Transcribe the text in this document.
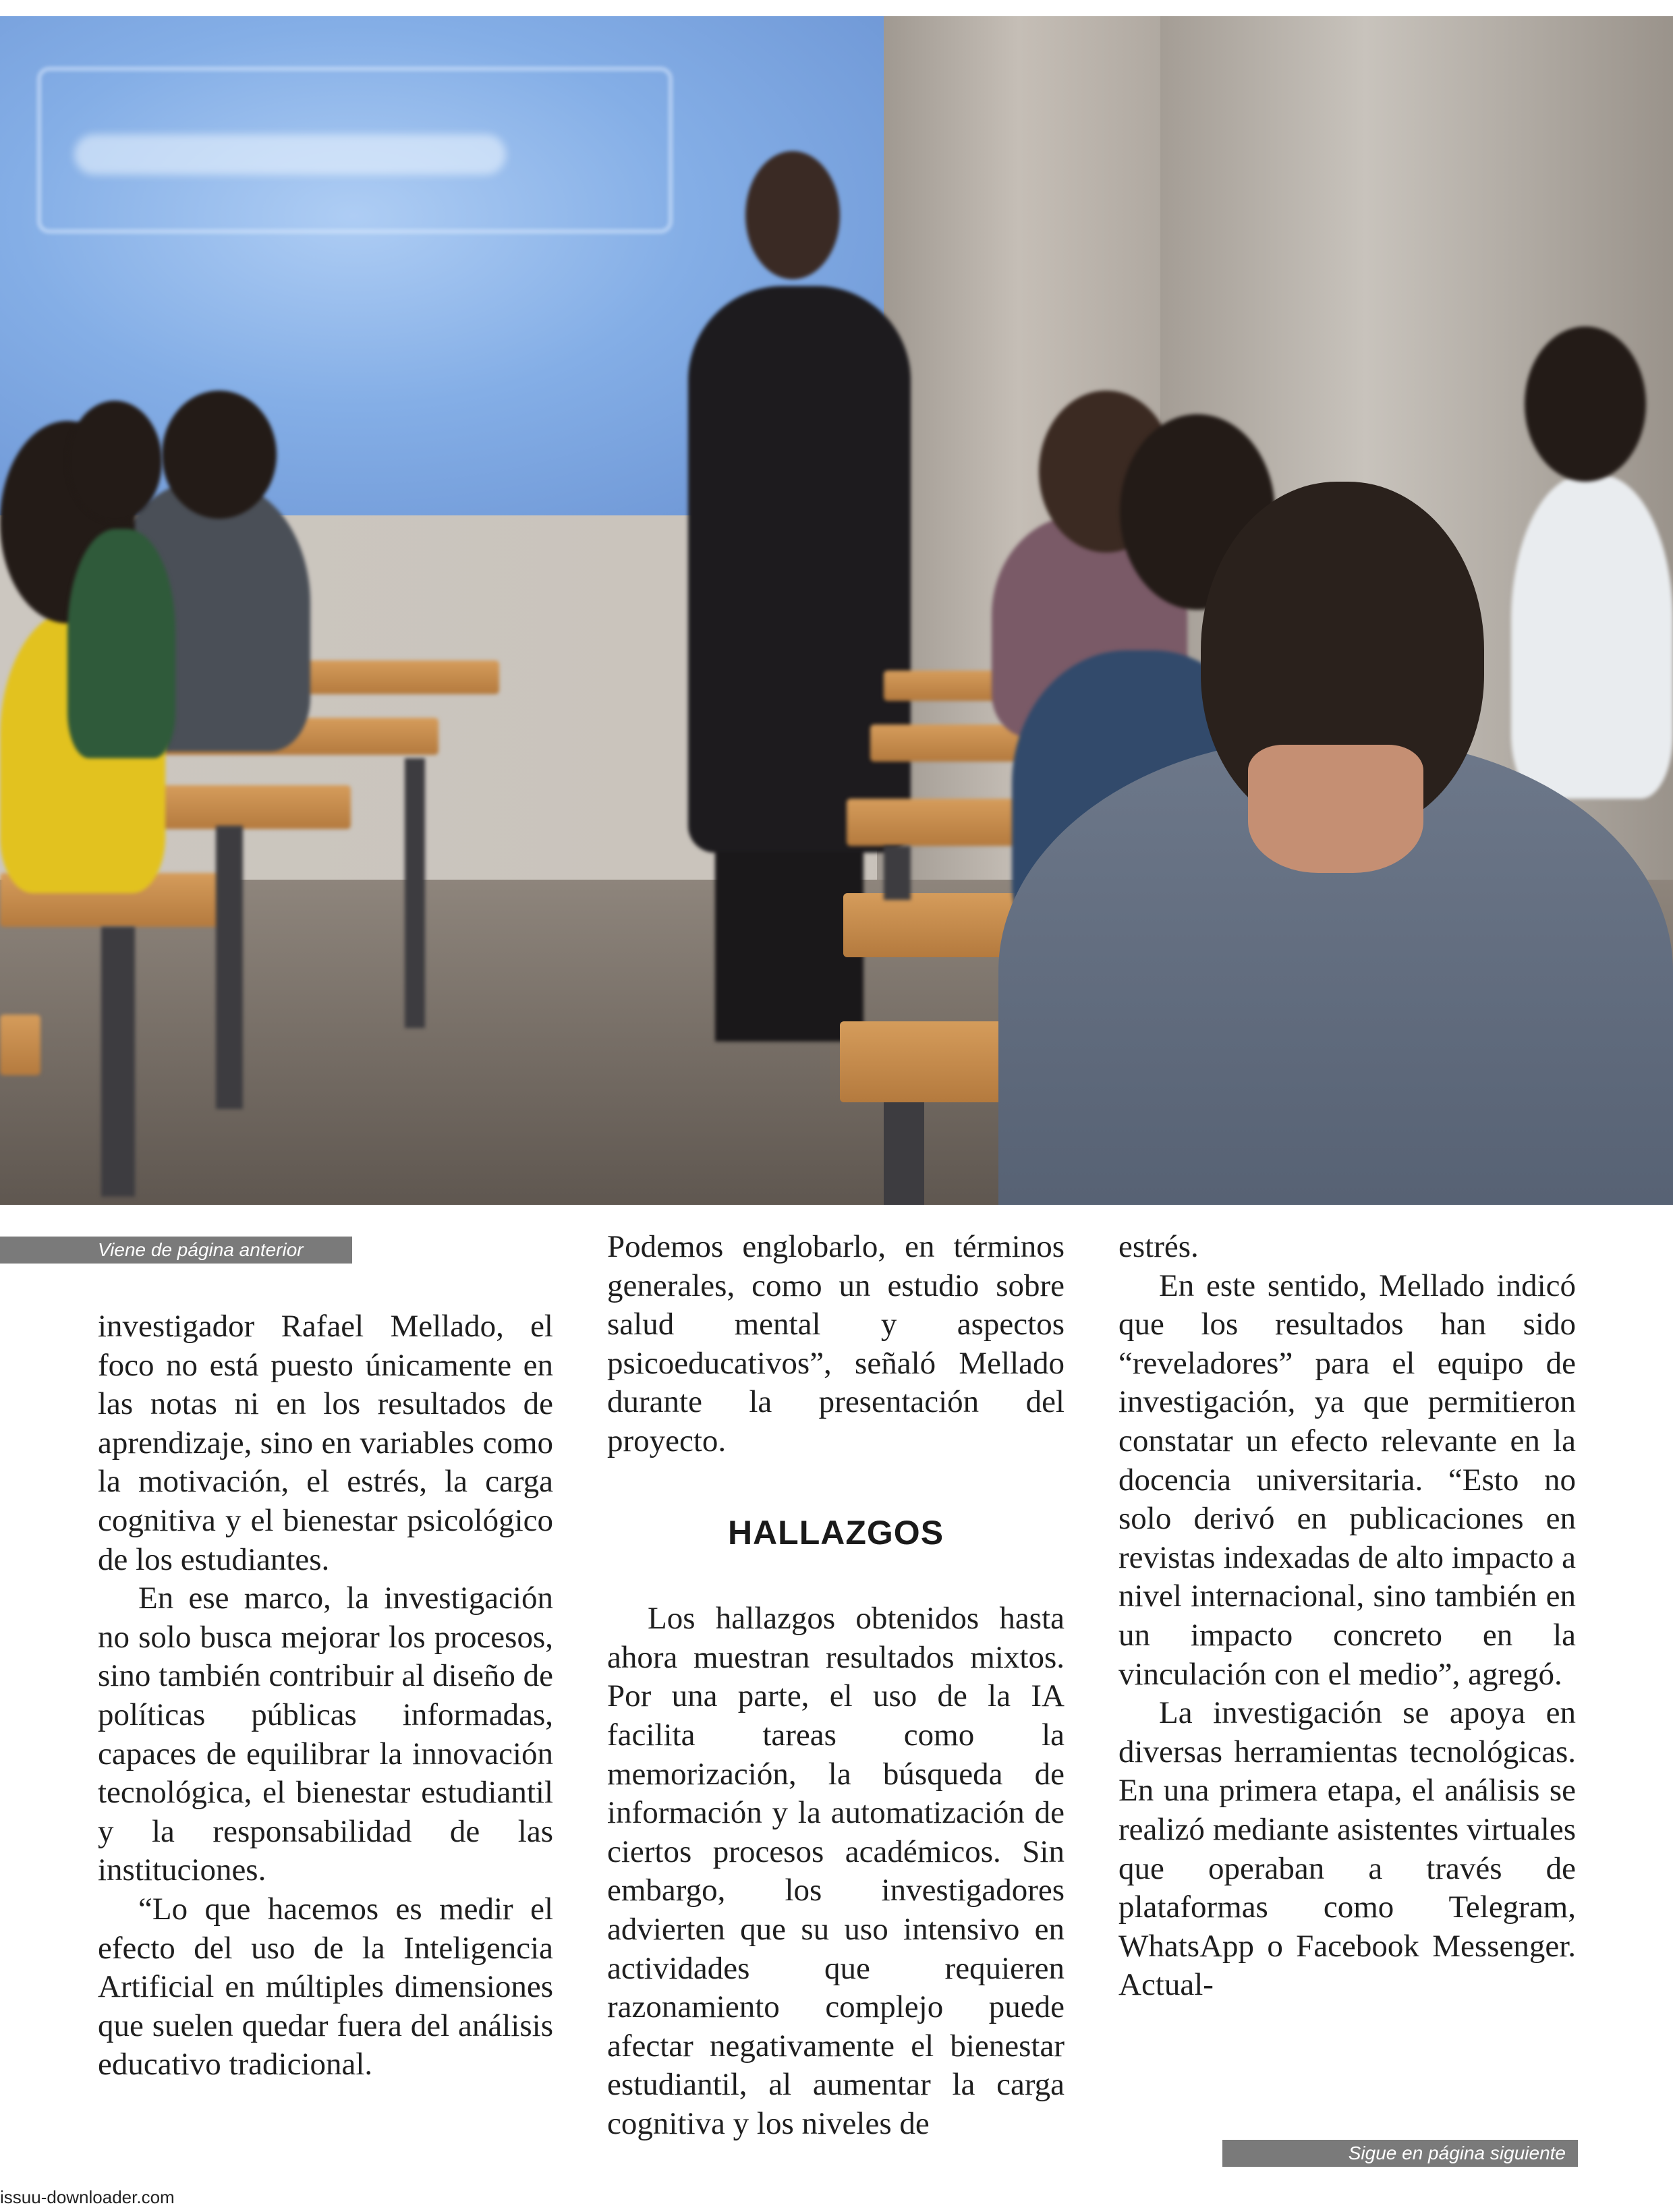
Viene de página anterior
Sigue en página siguiente

investigador Rafael Mellado, el foco no está puesto únicamente en las notas ni en los resultados de aprendizaje, sino en variables como la motivación, el estrés, la carga cognitiva y el bienestar psicológico de los estudiantes.

En ese marco, la investigación no solo busca mejorar los procesos, sino también contribuir al diseño de políticas públicas informadas, capaces de equilibrar la innovación tecnológica, el bienestar estudiantil y la responsabilidad de las instituciones.

“Lo que hacemos es medir el efecto del uso de la Inteligencia Artificial en múltiples dimensiones que suelen quedar fuera del análisis educativo tradicional.

Podemos englobarlo, en términos generales, como un estudio sobre salud mental y aspectos psicoeducativos”, señaló Mellado durante la presentación del proyecto.

HALLAZGOS

Los hallazgos obtenidos hasta ahora muestran resultados mixtos. Por una parte, el uso de la IA facilita tareas como la memorización, la búsqueda de información y la automatización de ciertos procesos académicos. Sin embargo, los investigadores advierten que su uso intensivo en actividades que requieren razonamiento complejo puede afectar negativamente el bienestar estudiantil, al aumentar la carga cognitiva y los niveles de

estrés.

En este sentido, Mellado indicó que los resultados han sido “reveladores” para el equipo de investigación, ya que permitieron constatar un efecto relevante en la docencia universitaria. “Esto no solo derivó en publicaciones en revistas indexadas de alto impacto a nivel internacional, sino también en un impacto concreto en la vinculación con el medio”, agregó.

La investigación se apoya en diversas herramientas tecnológicas. En una primera etapa, el análisis se realizó mediante asistentes virtuales que operaban a través de plataformas como Telegram, WhatsApp o Facebook Messenger. Actual-

issuu-downloader.com
